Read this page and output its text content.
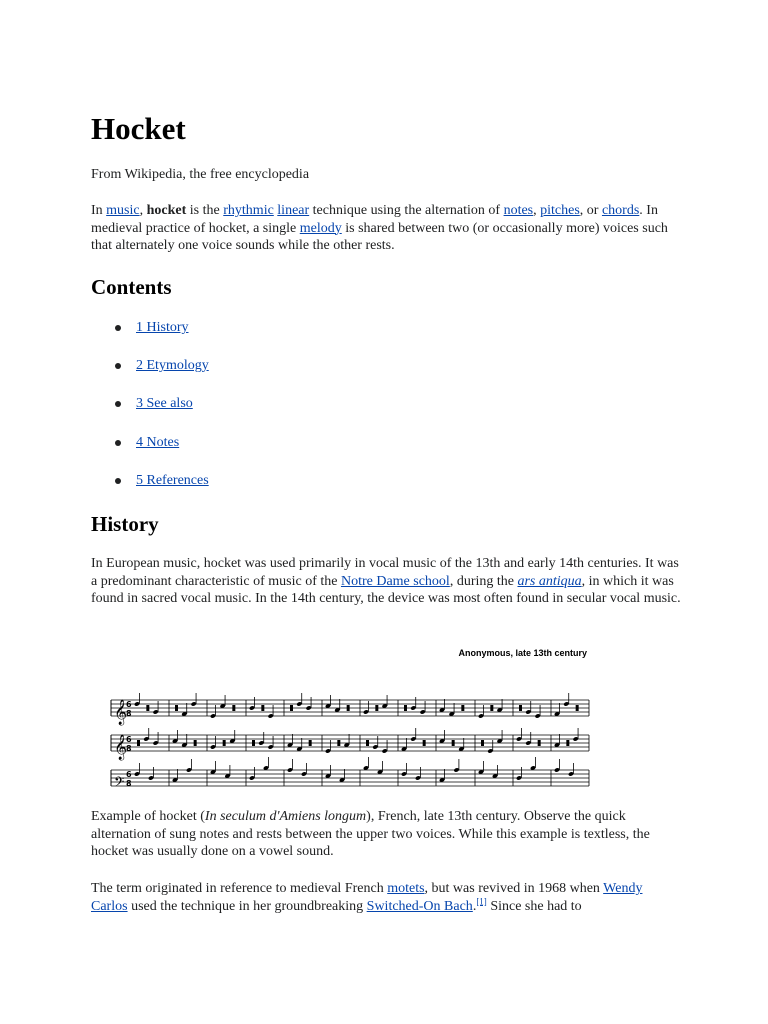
Hocket

From Wikipedia, the free encyclopedia

In music, hocket is the rhythmic linear technique using the alternation of notes, pitches, or chords. In medieval practice of hocket, a single melody is shared between two (or occasionally more) voices such that alternately one voice sounds while the other rests.

Contents
1 History
2 Etymology
3 See also
4 Notes
5 References
History

In European music, hocket was used primarily in vocal music of the 13th and early 14th centuries. It was a predominant characteristic of music of the Notre Dame school, during the ars antiqua, in which it was found in sacred vocal music. In the 14th century, the device was most often found in secular vocal music.

Example of hocket (In seculum d'Amiens longum), French, late 13th century. Observe the quick alternation of sung notes and rests between the upper two voices. While this example is textless, the hocket was usually done on a vowel sound.

The term originated in reference to medieval French motets, but was revived in 1968 when Wendy Carlos used the technique in her groundbreaking Switched-On Bach.[1] Since she had to

Anonymous, late 13th century
𝄞
6
8
𝄞
6
8
𝄢 6
8
